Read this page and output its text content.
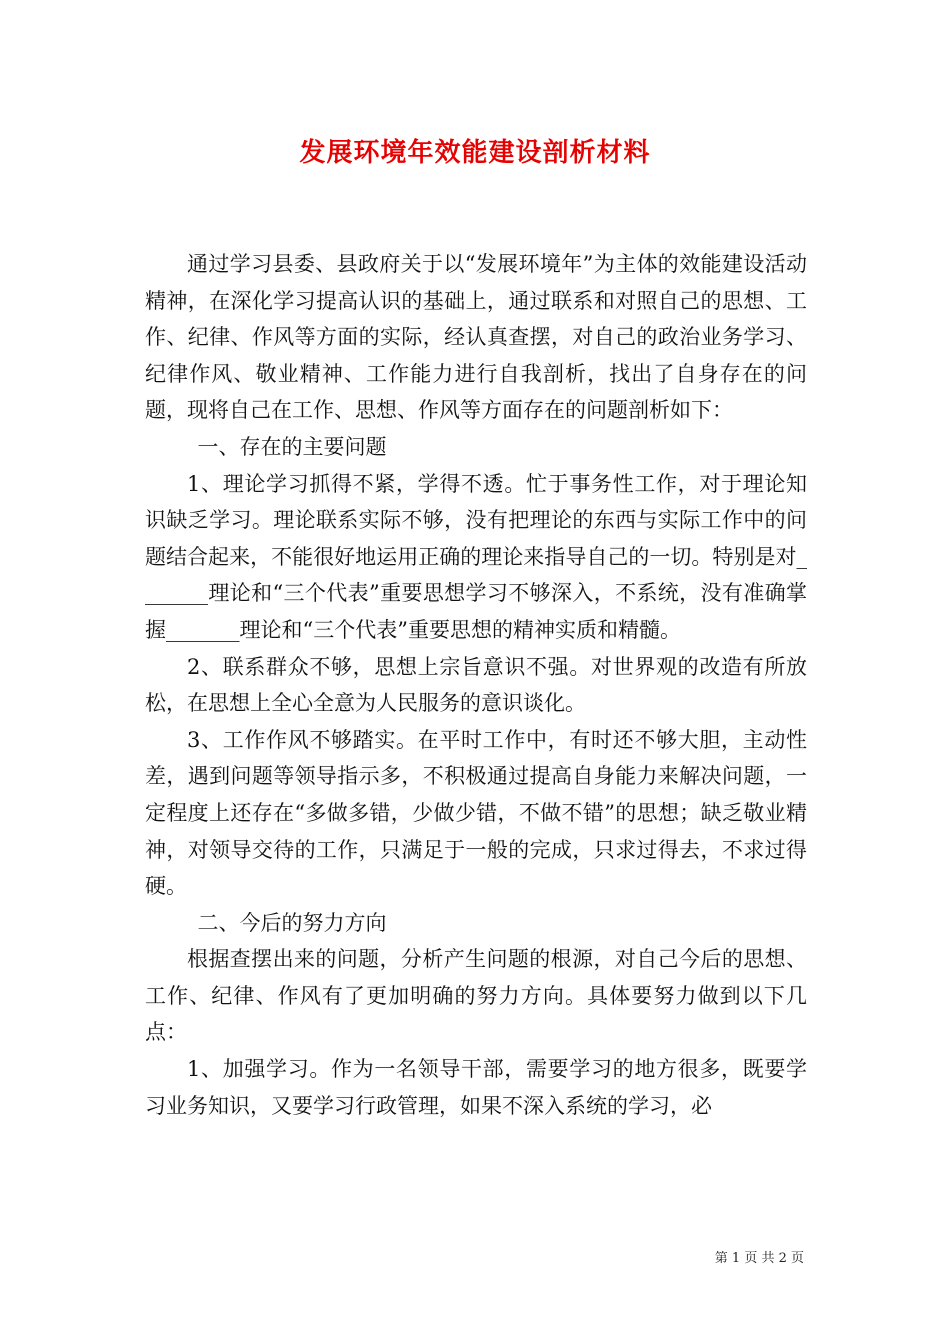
发展环境年效能建设剖析材料

通过学习县委、县政府关于以“发展环境年”为主体的效能建设活动精神，在深化学习提高认识的基础上，通过联系和对照自己的思想、工作、纪律、作风等方面的实际，经认真查摆，对自己的政治业务学习、纪律作风、敬业精神、工作能力进行自我剖析，找出了自身存在的问题，现将自己在工作、思想、作风等方面存在的问题剖析如下：

一、存在的主要问题

1、理论学习抓得不紧，学得不透。忙于事务性工作，对于理论知识缺乏学习。理论联系实际不够，没有把理论的东西与实际工作中的问题结合起来，不能很好地运用正确的理论来指导自己的一切。特别是对_______理论和“三个代表”重要思想学习不够深入，不系统，没有准确掌握_______理论和“三个代表”重要思想的精神实质和精髓。

2、联系群众不够，思想上宗旨意识不强。对世界观的改造有所放松，在思想上全心全意为人民服务的意识谈化。

3、工作作风不够踏实。在平时工作中，有时还不够大胆，主动性差，遇到问题等领导指示多，不积极通过提高自身能力来解决问题，一定程度上还存在“多做多错，少做少错，不做不错”的思想；缺乏敬业精神，对领导交待的工作，只满足于一般的完成，只求过得去，不求过得硬。

二、今后的努力方向

根据查摆出来的问题，分析产生问题的根源，对自己今后的思想、工作、纪律、作风有了更加明确的努力方向。具体要努力做到以下几点：

1、加强学习。作为一名领导干部，需要学习的地方很多，既要学习业务知识，又要学习行政管理，如果不深入系统的学习，必

第 1 页 共 2 页
